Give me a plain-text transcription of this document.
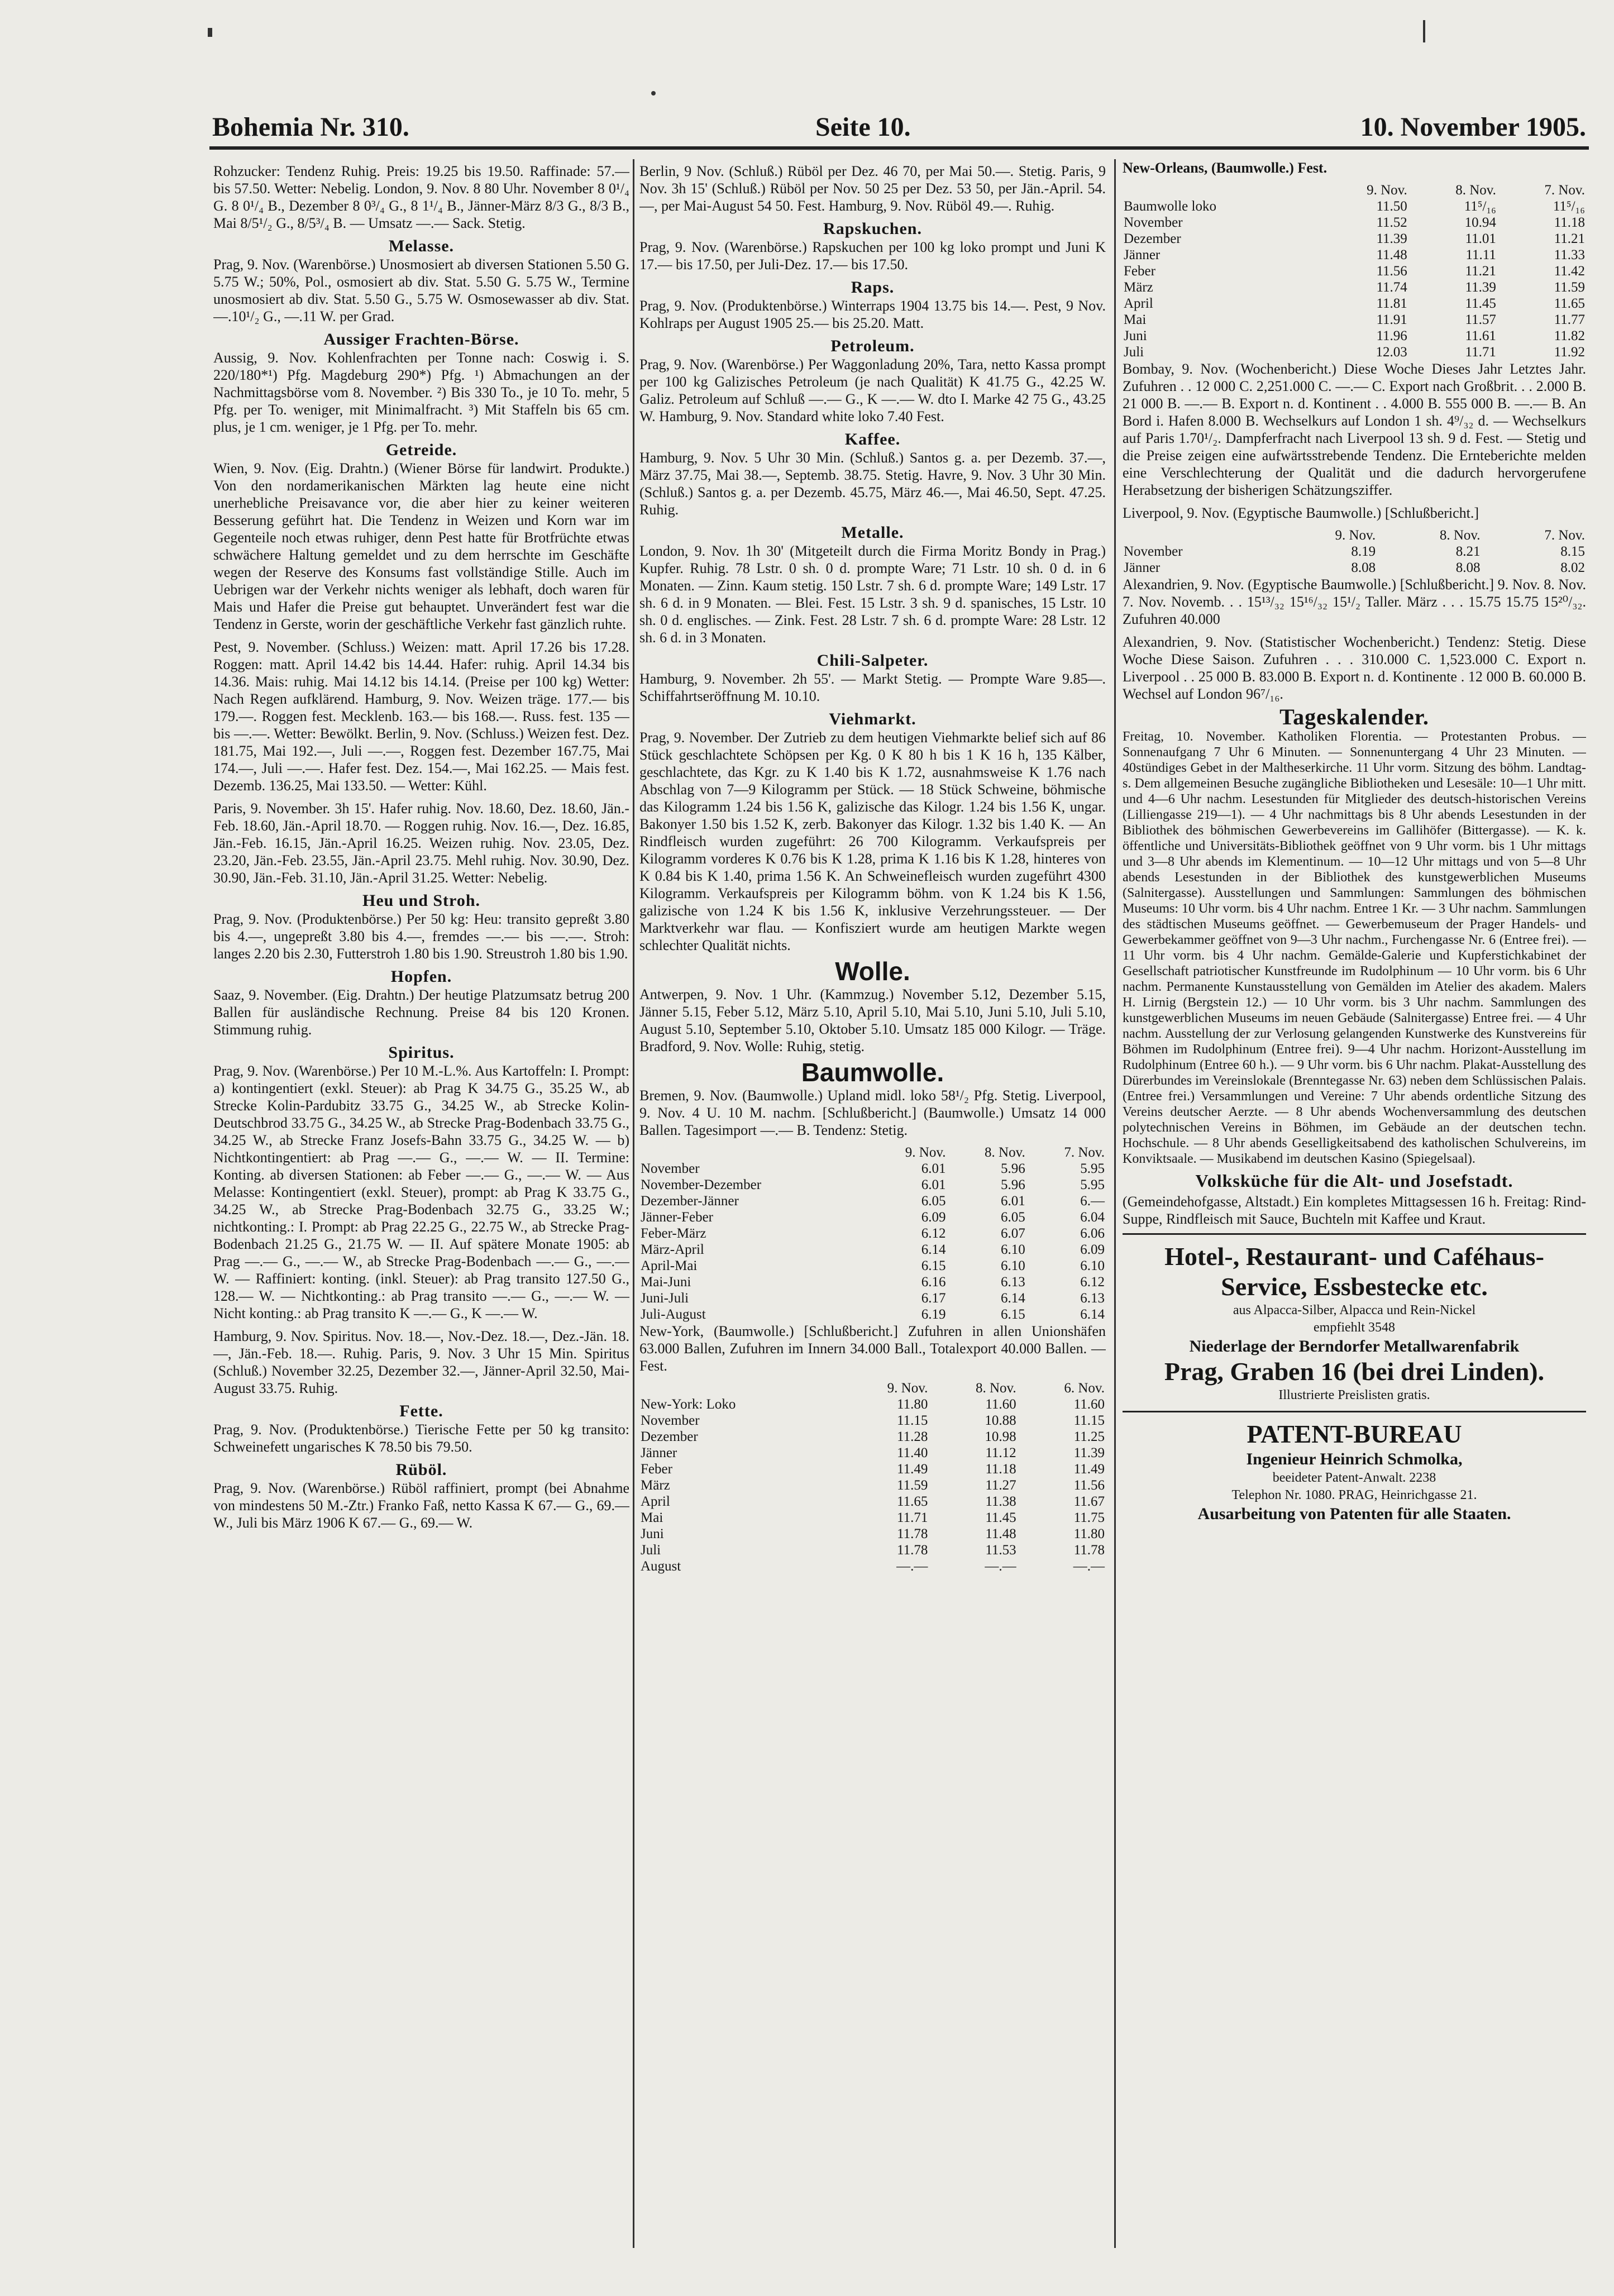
Bohemia Nr. 310.	Seite 10.	10. November 1905.

Rohzucker: Tendenz Ruhig. Preis: 19.25 bis 19.50. Raffinade: 57.— bis 57.50. Wetter: Nebelig. London, 9. Nov. 8 80 Uhr. November 8 0¹/₄ G. 8 0¹/₄ B., Dezember 8 0³/₄ G., 8 1¹/₄ B., Jänner-März 8/3 G., 8/3 B., Mai 8/5¹/₂ G., 8/5³/₄ B. — Umsatz —.— Sack. Stetig.

Melasse.

Prag, 9. Nov. (Warenbörse.) Unosmosiert ab diversen Stationen 5.50 G. 5.75 W.; 50%, Pol., osmosiert ab div. Stat. 5.50 G. 5.75 W., Termine unosmosiert ab div. Stat. 5.50 G., 5.75 W. Osmosewasser ab div. Stat. —.10¹/₂ G., —.11 W. per Grad.

Aussiger Frachten-Börse.

Aussig, 9. Nov. Kohlenfrachten per Tonne nach: Coswig i. S. 220/180*¹) Pfg. Magdeburg 290*) Pfg. ¹) Abmachungen an der Nachmittagsbörse vom 8. November. ²) Bis 330 To., je 10 To. mehr, 5 Pfg. per To. weniger, mit Minimalfracht. ³) Mit Staffeln bis 65 cm. plus, je 1 cm. weniger, je 1 Pfg. per To. mehr.

Getreide.

Wien, 9. Nov. (Eig. Drahtn.) (Wiener Börse für landwirt. Produkte.) Von den nordamerikanischen Märkten lag heute eine nicht unerhebliche Preisavance vor, die aber hier zu keiner weiteren Besserung geführt hat. Die Tendenz in Weizen und Korn war im Gegenteile noch etwas ruhiger, denn Pest hatte für Brotfrüchte etwas schwächere Haltung gemeldet und zu dem herrschte im Geschäfte wegen der Reserve des Konsums fast vollständige Stille. Auch im Uebrigen war der Verkehr nichts weniger als lebhaft, doch waren für Mais und Hafer die Preise gut behauptet. Unverändert fest war die Tendenz in Gerste, worin der geschäftliche Verkehr fast gänzlich ruhte.

Pest, 9. November. (Schluss.) Weizen: matt. April 17.26 bis 17.28. Roggen: matt. April 14.42 bis 14.44. Hafer: ruhig. April 14.34 bis 14.36. Mais: ruhig. Mai 14.12 bis 14.14. (Preise per 100 kg) Wetter: Nach Regen aufklärend. Hamburg, 9. Nov. Weizen träge. 177.— bis 179.—. Roggen fest. Mecklenb. 163.— bis 168.—. Russ. fest. 135 — bis —.—. Wetter: Bewölkt. Berlin, 9. Nov. (Schluss.) Weizen fest. Dez. 181.75, Mai 192.—, Juli —.—, Roggen fest. Dezember 167.75, Mai 174.—, Juli —.—. Hafer fest. Dez. 154.—, Mai 162.25. — Mais fest. Dezemb. 136.25, Mai 133.50. — Wetter: Kühl.

Paris, 9. November. 3h 15'. Hafer ruhig. Nov. 18.60, Dez. 18.60, Jän.-Feb. 18.60, Jän.-April 18.70. — Roggen ruhig. Nov. 16.—, Dez. 16.85, Jän.-Feb. 16.15, Jän.-April 16.25. Weizen ruhig. Nov. 23.05, Dez. 23.20, Jän.-Feb. 23.55, Jän.-April 23.75. Mehl ruhig. Nov. 30.90, Dez. 30.90, Jän.-Feb. 31.10, Jän.-April 31.25. Wetter: Nebelig.

Heu und Stroh.

Prag, 9. Nov. (Produktenbörse.) Per 50 kg: Heu: transito gepreßt 3.80 bis 4.—, ungepreßt 3.80 bis 4.—, fremdes —.— bis —.—. Stroh: langes 2.20 bis 2.30, Futterstroh 1.80 bis 1.90. Streustroh 1.80 bis 1.90.

Hopfen.

Saaz, 9. November. (Eig. Drahtn.) Der heutige Platzumsatz betrug 200 Ballen für ausländische Rechnung. Preise 84 bis 120 Kronen. Stimmung ruhig.

Spiritus.

Prag, 9. Nov. (Warenbörse.) Per 10 M.-L.%. Aus Kartoffeln: I. Prompt: a) kontingentiert (exkl. Steuer): ab Prag K 34.75 G., 35.25 W., ab Strecke Kolin-Pardubitz 33.75 G., 34.25 W., ab Strecke Kolin-Deutschbrod 33.75 G., 34.25 W., ab Strecke Prag-Bodenbach 33.75 G., 34.25 W., ab Strecke Franz Josefs-Bahn 33.75 G., 34.25 W. — b) Nichtkontingentiert: ab Prag —.— G., —.— W. — II. Termine: Konting. ab diversen Stationen: ab Feber —.— G., —.— W. — Aus Melasse: Kontingentiert (exkl. Steuer), prompt: ab Prag K 33.75 G., 34.25 W., ab Strecke Prag-Bodenbach 32.75 G., 33.25 W.; nichtkonting.: I. Prompt: ab Prag 22.25 G., 22.75 W., ab Strecke Prag-Bodenbach 21.25 G., 21.75 W. — II. Auf spätere Monate 1905: ab Prag —.— G., —.— W., ab Strecke Prag-Bodenbach —.— G., —.— W. — Raffiniert: konting. (inkl. Steuer): ab Prag transito 127.50 G., 128.— W. — Nichtkonting.: ab Prag transito —.— G., —.— W. — Nicht konting.: ab Prag transito K —.— G., K —.— W.

Hamburg, 9. Nov. Spiritus. Nov. 18.—, Nov.-Dez. 18.—, Dez.-Jän. 18.—, Jän.-Feb. 18.—. Ruhig. Paris, 9. Nov. 3 Uhr 15 Min. Spiritus (Schluß.) November 32.25, Dezember 32.—, Jänner-April 32.50, Mai-August 33.75. Ruhig.

Fette.

Prag, 9. Nov. (Produktenbörse.) Tierische Fette per 50 kg transito: Schweinefett ungarisches K 78.50 bis 79.50.

Rüböl.

Prag, 9. Nov. (Warenbörse.) Rüböl raffiniert, prompt (bei Abnahme von mindestens 50 M.-Ztr.) Franko Faß, netto Kassa K 67.— G., 69.— W., Juli bis März 1906 K 67.— G., 69.— W.

Berlin, 9 Nov. (Schluß.) Rüböl per Dez. 46 70, per Mai 50.—. Stetig. Paris, 9 Nov. 3h 15' (Schluß.) Rüböl per Nov. 50 25 per Dez. 53 50, per Jän.-April. 54.—, per Mai-August 54 50. Fest. Hamburg, 9. Nov. Rüböl 49.—. Ruhig.

Rapskuchen.

Prag, 9. Nov. (Warenbörse.) Rapskuchen per 100 kg loko prompt und Juni K 17.— bis 17.50, per Juli-Dez. 17.— bis 17.50.

Raps.

Prag, 9. Nov. (Produktenbörse.) Winterraps 1904 13.75 bis 14.—. Pest, 9 Nov. Kohlraps per August 1905 25.— bis 25.20. Matt.

Petroleum.

Prag, 9. Nov. (Warenbörse.) Per Waggonladung 20%, Tara, netto Kassa prompt per 100 kg Galizisches Petroleum (je nach Qualität) K 41.75 G., 42.25 W. Galiz. Petroleum auf Schluß —.— G., K —.— W. dto I. Marke 42 75 G., 43.25 W. Hamburg, 9. Nov. Standard white loko 7.40 Fest.

Kaffee.

Hamburg, 9. Nov. 5 Uhr 30 Min. (Schluß.) Santos g. a. per Dezemb. 37.—, März 37.75, Mai 38.—, Septemb. 38.75. Stetig. Havre, 9. Nov. 3 Uhr 30 Min. (Schluß.) Santos g. a. per Dezemb. 45.75, März 46.—, Mai 46.50, Sept. 47.25. Ruhig.

Metalle.

London, 9. Nov. 1h 30' (Mitgeteilt durch die Firma Moritz Bondy in Prag.) Kupfer. Ruhig. 78 Lstr. 0 sh. 0 d. prompte Ware; 71 Lstr. 10 sh. 0 d. in 6 Monaten. — Zinn. Kaum stetig. 150 Lstr. 7 sh. 6 d. prompte Ware; 149 Lstr. 17 sh. 6 d. in 9 Monaten. — Blei. Fest. 15 Lstr. 3 sh. 9 d. spanisches, 15 Lstr. 10 sh. 0 d. englisches. — Zink. Fest. 28 Lstr. 7 sh. 6 d. prompte Ware: 28 Lstr. 12 sh. 6 d. in 3 Monaten.

Chili-Salpeter.

Hamburg, 9. November. 2h 55'. — Markt Stetig. — Prompte Ware 9.85—. Schiffahrtseröffnung M. 10.10.

Viehmarkt.

Prag, 9. November. Der Zutrieb zu dem heutigen Viehmarkte belief sich auf 86 Stück geschlachtete Schöpsen per Kg. 0 K 80 h bis 1 K 16 h, 135 Kälber, geschlachtete, das Kgr. zu K 1.40 bis K 1.72, ausnahmsweise K 1.76 nach Abschlag von 7—9 Kilogramm per Stück. — 18 Stück Schweine, böhmische das Kilogramm 1.24 bis 1.56 K, galizische das Kilogr. 1.24 bis 1.56 K, ungar. Bakonyer 1.50 bis 1.52 K, zerb. Bakonyer das Kilogr. 1.32 bis 1.40 K. — An Rindfleisch wurden zugeführt: 26 700 Kilogramm. Verkaufspreis per Kilogramm vorderes K 0.76 bis K 1.28, prima K 1.16 bis K 1.28, hinteres von K 0.84 bis K 1.40, prima 1.56 K. An Schweinefleisch wurden zugeführt 4300 Kilogramm. Verkaufspreis per Kilogramm böhm. von K 1.24 bis K 1.56, galizische von 1.24 K bis 1.56 K, inklusive Verzehrungssteuer. — Der Marktverkehr war flau. — Konfisziert wurde am heutigen Markte wegen schlechter Qualität nichts.

Wolle.

Antwerpen, 9. Nov. 1 Uhr. (Kammzug.) November 5.12, Dezember 5.15, Jänner 5.15, Feber 5.12, März 5.10, April 5.10, Mai 5.10, Juni 5.10, Juli 5.10, August 5.10, September 5.10, Oktober 5.10. Umsatz 185 000 Kilogr. — Träge. Bradford, 9. Nov. Wolle: Ruhig, stetig.

Baumwolle.

Bremen, 9. Nov. (Baumwolle.) Upland midl. loko 58¹/₂ Pfg. Stetig. Liverpool, 9. Nov. 4 U. 10 M. nachm. [Schlußbericht.] (Baumwolle.) Umsatz 14 000 Ballen. Tagesimport —.— B. Tendenz: Stetig.

	9. Nov.	8. Nov.	7. Nov.
November	6.01	5.96	5.95
November-Dezember	6.01	5.96	5.95
Dezember-Jänner	6.05	6.01	6.—
Jänner-Feber	6.09	6.05	6.04
Feber-März	6.12	6.07	6.06
März-April	6.14	6.10	6.09
April-Mai	6.15	6.10	6.10
Mai-Juni	6.16	6.13	6.12
Juni-Juli	6.17	6.14	6.13
Juli-August	6.19	6.15	6.14

New-York, (Baumwolle.) [Schlußbericht.] Zufuhren in allen Unionshäfen 63.000 Ballen, Zufuhren im Innern 34.000 Ball., Totalexport 40.000 Ballen. — Fest.

	9. Nov.	8. Nov.	6. Nov.
New-York: Loko	11.80	11.60	11.60
November	11.15	10.88	11.15
Dezember	11.28	10.98	11.25
Jänner	11.40	11.12	11.39
Feber	11.49	11.18	11.49
März	11.59	11.27	11.56
April	11.65	11.38	11.67
Mai	11.71	11.45	11.75
Juni	11.78	11.48	11.80
Juli	11.78	11.53	11.78
August	—.—	—.—	—.—

New-Orleans, (Baumwolle.) Fest.

	9. Nov.	8. Nov.	7. Nov.
Baumwolle loko	11.50	11⁵/₁₆	11⁵/₁₆
November	11.52	10.94	11.18
Dezember	11.39	11.01	11.21
Jänner	11.48	11.11	11.33
Feber	11.56	11.21	11.42
März	11.74	11.39	11.59
April	11.81	11.45	11.65
Mai	11.91	11.57	11.77
Juni	11.96	11.61	11.82
Juli	12.03	11.71	11.92

Bombay, 9. Nov. (Wochenbericht.) Diese Woche Dieses Jahr Letztes Jahr. Zufuhren . . 12 000 C. 2,251.000 C. —.— C. Export nach Großbrit. . . 2.000 B. 21 000 B. —.— B. Export n. d. Kontinent . . 4.000 B. 555 000 B. —.— B. An Bord i. Hafen 8.000 B. Wechselkurs auf London 1 sh. 4⁹/₃₂ d. — Wechselkurs auf Paris 1.70¹/₂. Dampferfracht nach Liverpool 13 sh. 9 d. Fest. — Stetig und die Preise zeigen eine aufwärtsstrebende Tendenz. Die Ernteberichte melden eine Verschlechterung der Qualität und die dadurch hervorgerufene Herabsetzung der bisherigen Schätzungsziffer.

Liverpool, 9. Nov. (Egyptische Baumwolle.) [Schlußbericht.]

	9. Nov.	8. Nov.	7. Nov.
November	8.19	8.21	8.15
Jänner	8.08	8.08	8.02

Alexandrien, 9. Nov. (Egyptische Baumwolle.) [Schlußbericht.] 9. Nov. 8. Nov. 7. Nov. Novemb. . . 15¹³/₃₂ 15¹⁶/₃₂ 15¹/₂ Taller. März . . . 15.75 15.75 15²⁰/₃₂. Zufuhren 40.000

Alexandrien, 9. Nov. (Statistischer Wochenbericht.) Tendenz: Stetig. Diese Woche Diese Saison. Zufuhren . . . 310.000 C. 1,523.000 C. Export n. Liverpool . . 25 000 B. 83.000 B. Export n. d. Kontinente . 12 000 B. 60.000 B. Wechsel auf London 96⁷/₁₆.

Tageskalender.

Freitag, 10. November. Katholiken Florentia. — Protestanten Probus. — Sonnenaufgang 7 Uhr 6 Minuten. — Sonnenuntergang 4 Uhr 23 Minuten. — 40stündiges Gebet in der Maltheserkirche. 11 Uhr vorm. Sitzung des böhm. Landtag-s. Dem allgemeinen Besuche zugängliche Bibliotheken und Lesesäle: 10—1 Uhr mitt. und 4—6 Uhr nachm. Lesestunden für Mitglieder des deutsch-historischen Vereins (Lilliengasse 219—1). — 4 Uhr nachmittags bis 8 Uhr abends Lesestunden in der Bibliothek des böhmischen Gewerbevereins im Gallihöfer (Bittergasse). — K. k. öffentliche und Universitäts-Bibliothek geöffnet von 9 Uhr vorm. bis 1 Uhr mittags und 3—8 Uhr abends im Klementinum. — 10—12 Uhr mittags und von 5—8 Uhr abends Lesestunden in der Bibliothek des kunstgewerblichen Museums (Salnitergasse). Ausstellungen und Sammlungen: Sammlungen des böhmischen Museums: 10 Uhr vorm. bis 4 Uhr nachm. Entree 1 Kr. — 3 Uhr nachm. Sammlungen des städtischen Museums geöffnet. — Gewerbemuseum der Prager Handels- und Gewerbekammer geöffnet von 9—3 Uhr nachm., Furchengasse Nr. 6 (Entree frei). — 11 Uhr vorm. bis 4 Uhr nachm. Gemälde-Galerie und Kupferstichkabinet der Gesellschaft patriotischer Kunstfreunde im Rudolphinum — 10 Uhr vorm. bis 6 Uhr nachm. Permanente Kunstausstellung von Gemälden im Atelier des akadem. Malers H. Lirnig (Bergstein 12.) — 10 Uhr vorm. bis 3 Uhr nachm. Sammlungen des kunstgewerblichen Museums im neuen Gebäude (Salnitergasse) Entree frei. — 4 Uhr nachm. Ausstellung der zur Verlosung gelangenden Kunstwerke des Kunstvereins für Böhmen im Rudolphinum (Entree frei). 9—4 Uhr nachm. Horizont-Ausstellung im Rudolphinum (Entree 60 h.). — 9 Uhr vorm. bis 6 Uhr nachm. Plakat-Ausstellung des Dürerbundes im Vereinslokale (Brenntegasse Nr. 63) neben dem Schlüssischen Palais. (Entree frei.) Versammlungen und Vereine: 7 Uhr abends ordentliche Sitzung des Vereins deutscher Aerzte. — 8 Uhr abends Wochenversammlung des deutschen polytechnischen Vereins in Böhmen, im Gebäude an der deutschen techn. Hochschule. — 8 Uhr abends Geselligkeitsabend des katholischen Schulvereins, im Konviktsaale. — Musikabend im deutschen Kasino (Spiegelsaal).

Volksküche für die Alt- und Josefstadt.

(Gemeindehofgasse, Altstadt.) Ein kompletes Mittagsessen 16 h. Freitag: Rind-Suppe, Rindfleisch mit Sauce, Buchteln mit Kaffee und Kraut.

Hotel-, Restaurant- und Caféhaus-
Service, Essbestecke etc.
aus Alpacca-Silber, Alpacca und Rein-Nickel
empfiehlt 3548
Niederlage der Berndorfer Metallwarenfabrik
Prag, Graben 16 (bei drei Linden).
Illustrierte Preislisten gratis.
PATENT-BUREAU
Ingenieur Heinrich Schmolka,
beeideter Patent-Anwalt. 2238
Telephon Nr. 1080. PRAG, Heinrichgasse 21.
Ausarbeitung von Patenten für alle Staaten.
